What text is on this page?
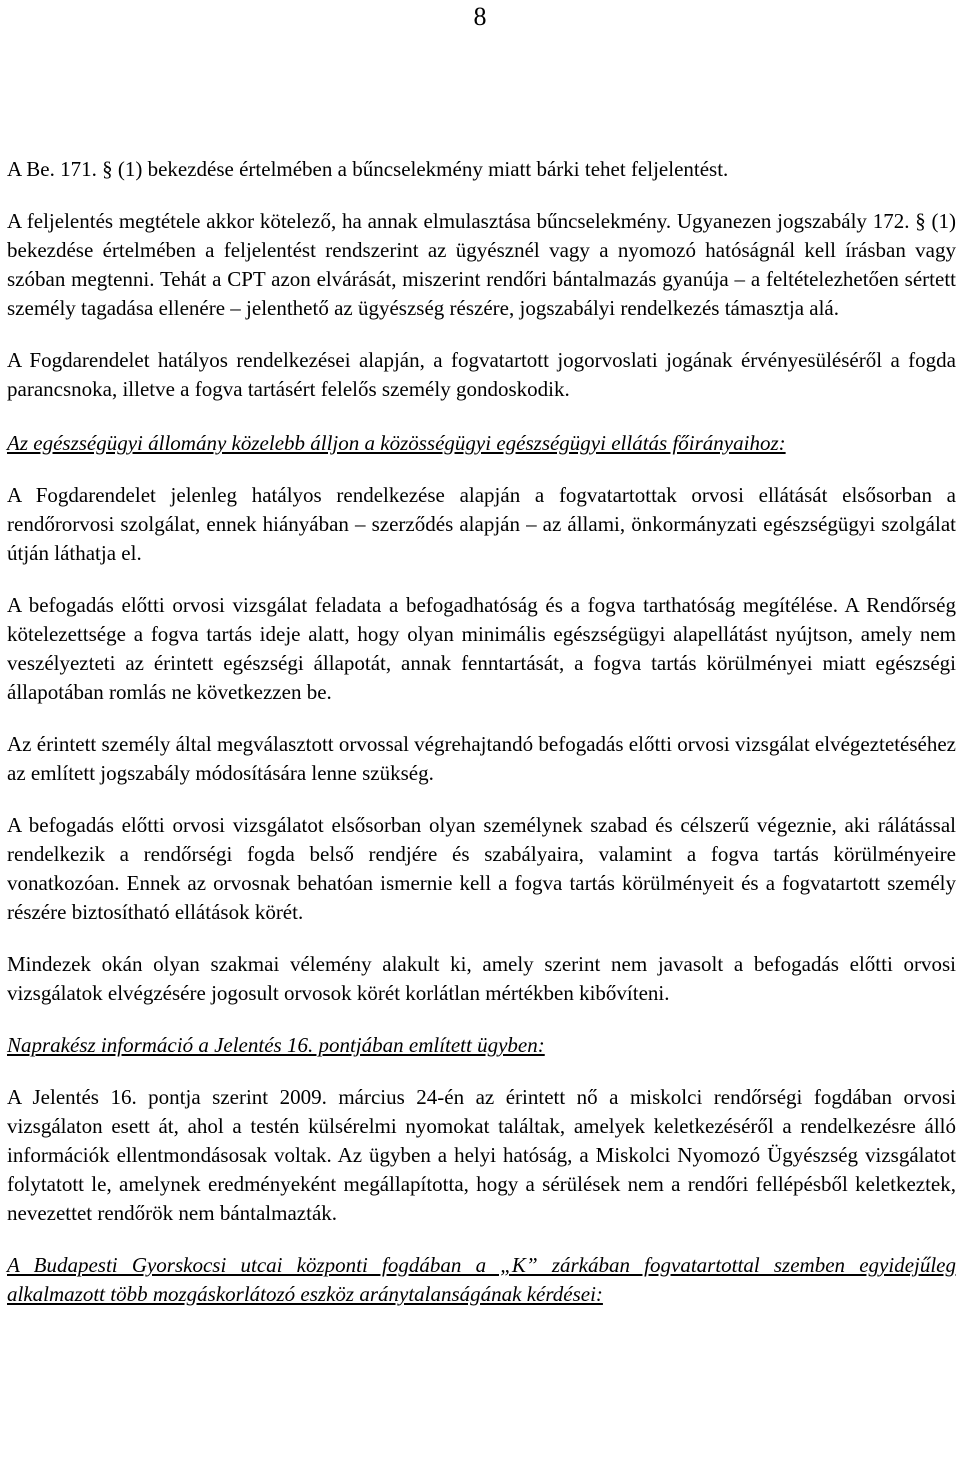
8

A Be. 171. § (1) bekezdése értelmében a bűncselekmény miatt bárki tehet feljelentést.

A feljelentés megtétele akkor kötelező, ha annak elmulasztása bűncselekmény. Ugyanezen jogszabály 172. § (1) bekezdése értelmében a feljelentést rendszerint az ügyésznél vagy a nyomozó hatóságnál kell írásban vagy szóban megtenni. Tehát a CPT azon elvárását, miszerint rendőri bántalmazás gyanúja – a feltételezhetően sértett személy tagadása ellenére – jelenthető az ügyészség részére, jogszabályi rendelkezés támasztja alá.

A Fogdarendelet hatályos rendelkezései alapján, a fogvatartott jogorvoslati jogának érvényesüléséről a fogda parancsnoka, illetve a fogva tartásért felelős személy gondoskodik.

Az egészségügyi állomány közelebb álljon a közösségügyi egészségügyi ellátás főirányaihoz:

A Fogdarendelet jelenleg hatályos rendelkezése alapján a fogvatartottak orvosi ellátását elsősorban a rendőrorvosi szolgálat, ennek hiányában – szerződés alapján – az állami, önkormányzati egészségügyi szolgálat útján láthatja el.

A befogadás előtti orvosi vizsgálat feladata a befogadhatóság és a fogva tarthatóság megítélése. A Rendőrség kötelezettsége a fogva tartás ideje alatt, hogy olyan minimális egészségügyi alapellátást nyújtson, amely nem veszélyezteti az érintett egészségi állapotát, annak fenntartását, a fogva tartás körülményei miatt egészségi állapotában romlás ne következzen be.

Az érintett személy által megválasztott orvossal végrehajtandó befogadás előtti orvosi vizsgálat elvégeztetéséhez az említett jogszabály módosítására lenne szükség.

A befogadás előtti orvosi vizsgálatot elsősorban olyan személynek szabad és célszerű végeznie, aki rálátással rendelkezik a rendőrségi fogda belső rendjére és szabályaira, valamint a fogva tartás körülményeire vonatkozóan. Ennek az orvosnak behatóan ismernie kell a fogva tartás körülményeit és a fogvatartott személy részére biztosítható ellátások körét.

Mindezek okán olyan szakmai vélemény alakult ki, amely szerint nem javasolt a befogadás előtti orvosi vizsgálatok elvégzésére jogosult orvosok körét korlátlan mértékben kibővíteni.

Naprakész információ a Jelentés 16. pontjában említett ügyben:

A Jelentés 16. pontja szerint 2009. március 24-én az érintett nő a miskolci rendőrségi fogdában orvosi vizsgálaton esett át, ahol a testén külsérelmi nyomokat találtak, amelyek keletkezéséről a rendelkezésre álló információk ellentmondásosak voltak. Az ügyben a helyi hatóság, a Miskolci Nyomozó Ügyészség vizsgálatot folytatott le, amelynek eredményeként megállapította, hogy a sérülések nem a rendőri fellépésből keletkeztek, nevezettet rendőrök nem bántalmazták.

A Budapesti Gyorskocsi utcai központi fogdában a „K” zárkában fogvatartottal szemben egyidejűleg alkalmazott több mozgáskorlátozó eszköz aránytalanságának kérdései:
